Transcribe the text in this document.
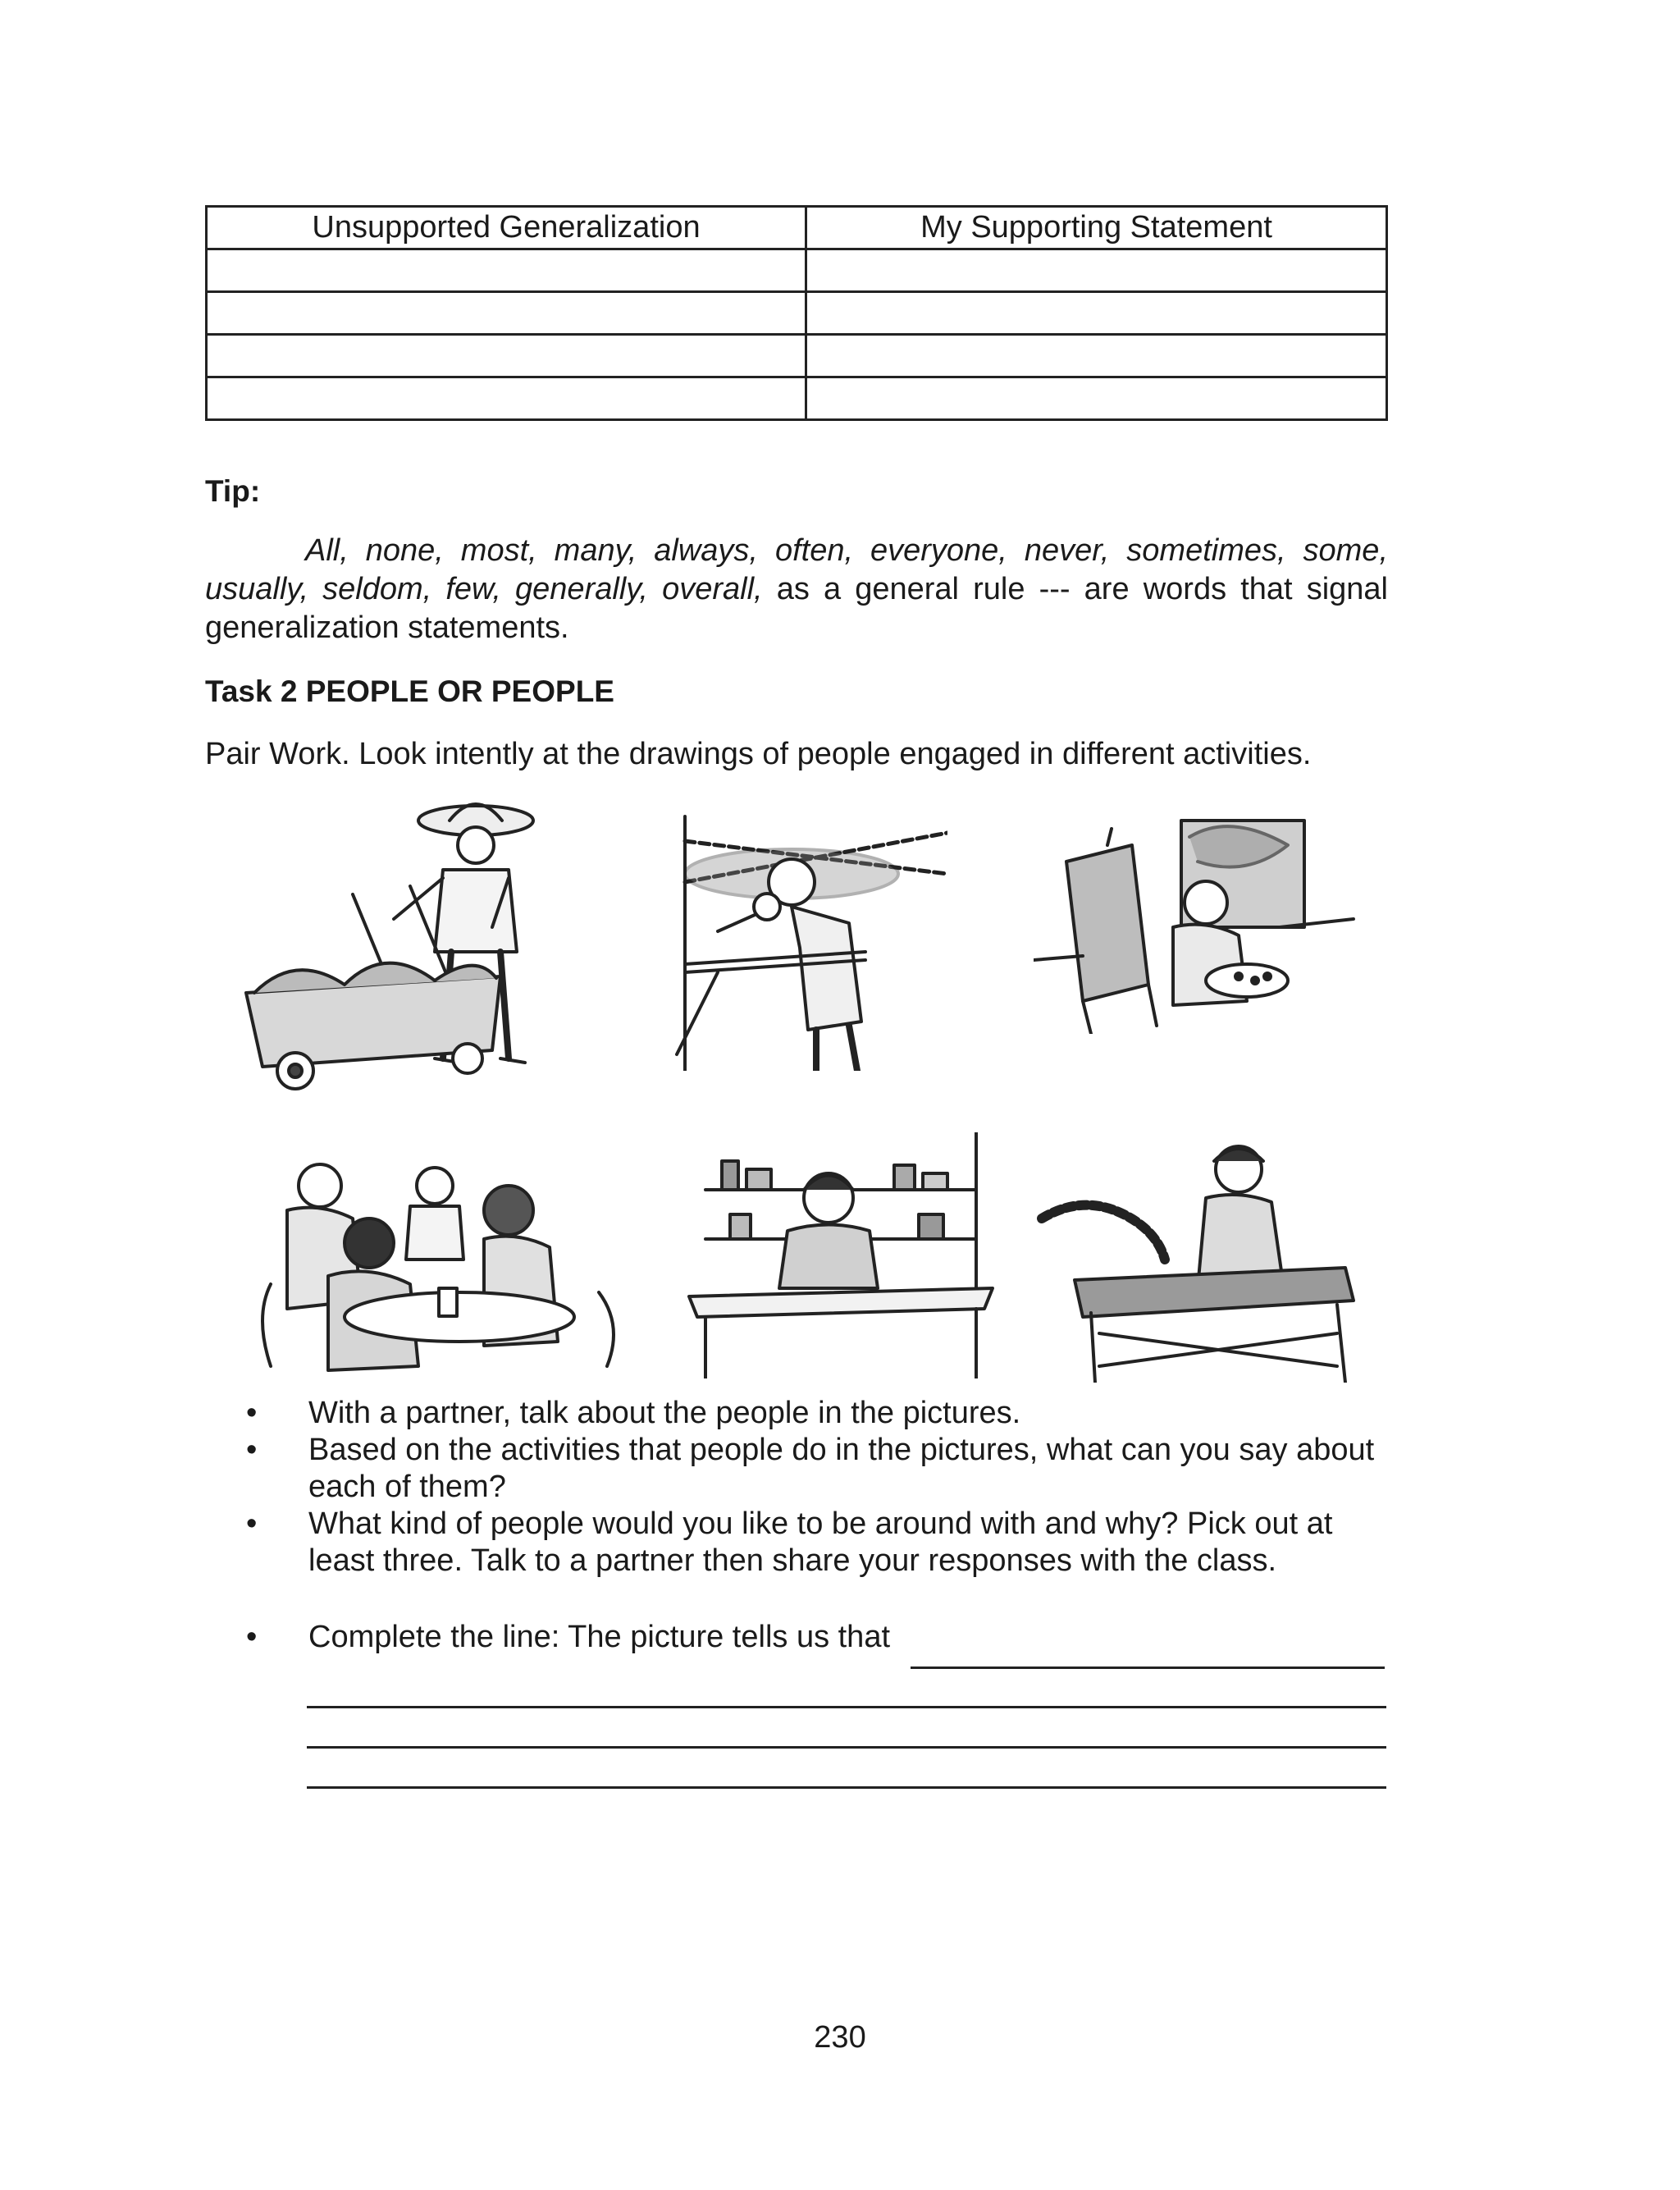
Unsupported Generalization	My Supporting Statement

Tip:
All, none, most, many, always, often, everyone, never, sometimes, some, usually, seldom, few, generally, overall, as a general rule --- are words that signal generalization statements.
Task 2 PEOPLE OR PEOPLE
Pair Work. Look intently at the drawings of people engaged in different activities.
• With a partner, talk about the people in the pictures.
• Based on the activities that people do in the pictures, what can you say about each of them?
• What kind of people would you like to be around with and why? Pick out at least three. Talk to a partner then share your responses with the class.
• Complete the line: The picture tells us that
230
